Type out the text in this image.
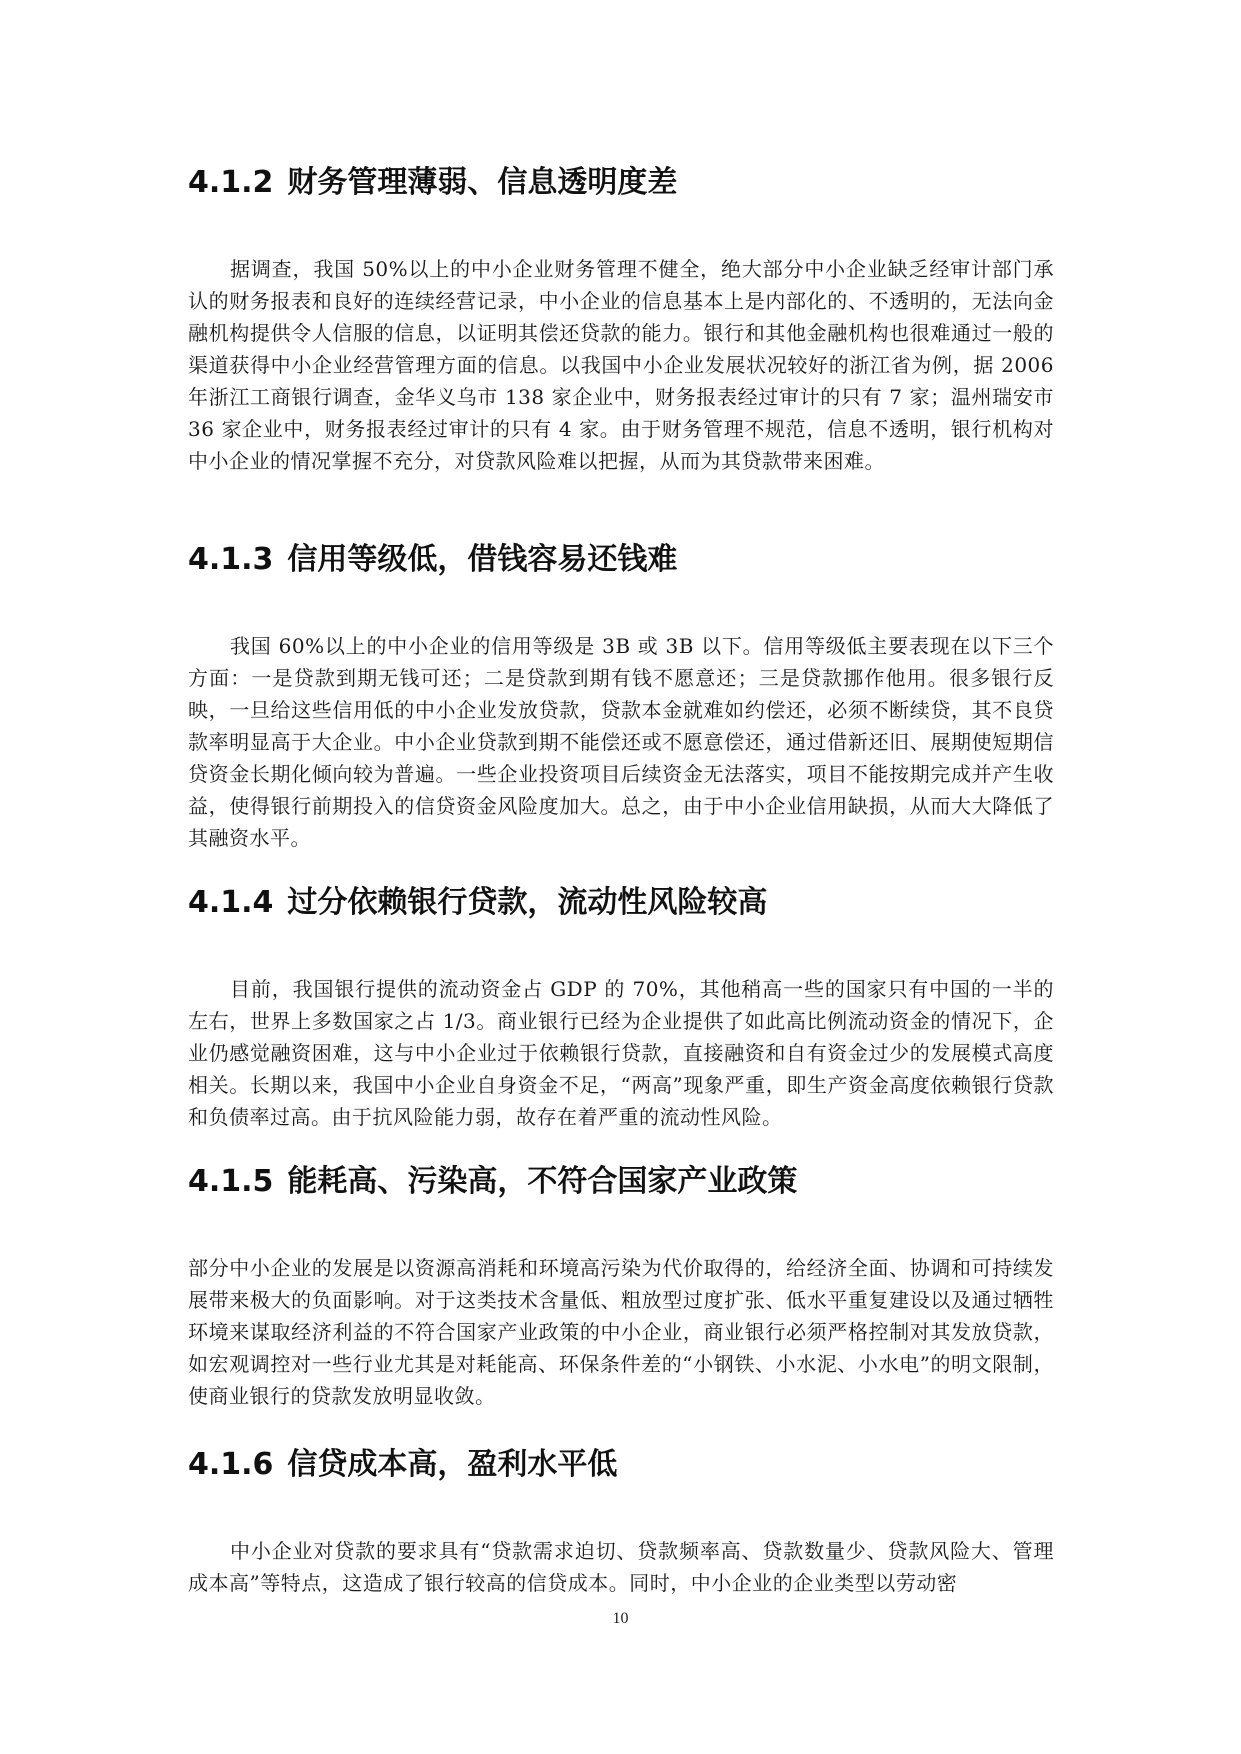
4.1.2 财务管理薄弱、信息透明度差

据调查，我国 50%以上的中小企业财务管理不健全，绝大部分中小企业缺乏经审计部门承认的财务报表和良好的连续经营记录，中小企业的信息基本上是内部化的、不透明的，无法向金融机构提供令人信服的信息，以证明其偿还贷款的能力。银行和其他金融机构也很难通过一般的渠道获得中小企业经营管理方面的信息。以我国中小企业发展状况较好的浙江省为例，据 2006 年浙江工商银行调查，金华义乌市 138 家企业中，财务报表经过审计的只有 7 家；温州瑞安市 36 家企业中，财务报表经过审计的只有 4 家。由于财务管理不规范，信息不透明，银行机构对中小企业的情况掌握不充分，对贷款风险难以把握，从而为其贷款带来困难。

4.1.3 信用等级低，借钱容易还钱难

我国 60%以上的中小企业的信用等级是 3B 或 3B 以下。信用等级低主要表现在以下三个方面：一是贷款到期无钱可还；二是贷款到期有钱不愿意还；三是贷款挪作他用。很多银行反映，一旦给这些信用低的中小企业发放贷款，贷款本金就难如约偿还，必须不断续贷，其不良贷款率明显高于大企业。中小企业贷款到期不能偿还或不愿意偿还，通过借新还旧、展期使短期信贷资金长期化倾向较为普遍。一些企业投资项目后续资金无法落实，项目不能按期完成并产生收益，使得银行前期投入的信贷资金风险度加大。总之，由于中小企业信用缺损，从而大大降低了其融资水平。

4.1.4 过分依赖银行贷款，流动性风险较高

目前，我国银行提供的流动资金占 GDP 的 70%，其他稍高一些的国家只有中国的一半的左右，世界上多数国家之占 1/3。商业银行已经为企业提供了如此高比例流动资金的情况下，企业仍感觉融资困难，这与中小企业过于依赖银行贷款，直接融资和自有资金过少的发展模式高度相关。长期以来，我国中小企业自身资金不足，“两高”现象严重，即生产资金高度依赖银行贷款和负债率过高。由于抗风险能力弱，故存在着严重的流动性风险。

4.1.5 能耗高、污染高，不符合国家产业政策

部分中小企业的发展是以资源高消耗和环境高污染为代价取得的，给经济全面、协调和可持续发展带来极大的负面影响。对于这类技术含量低、粗放型过度扩张、低水平重复建设以及通过牺牲环境来谋取经济利益的不符合国家产业政策的中小企业，商业银行必须严格控制对其发放贷款，如宏观调控对一些行业尤其是对耗能高、环保条件差的“小钢铁、小水泥、小水电”的明文限制，使商业银行的贷款发放明显收敛。

4.1.6 信贷成本高，盈利水平低

中小企业对贷款的要求具有“贷款需求迫切、贷款频率高、贷款数量少、贷款风险大、管理成本高”等特点，这造成了银行较高的信贷成本。同时，中小企业的企业类型以劳动密

10
